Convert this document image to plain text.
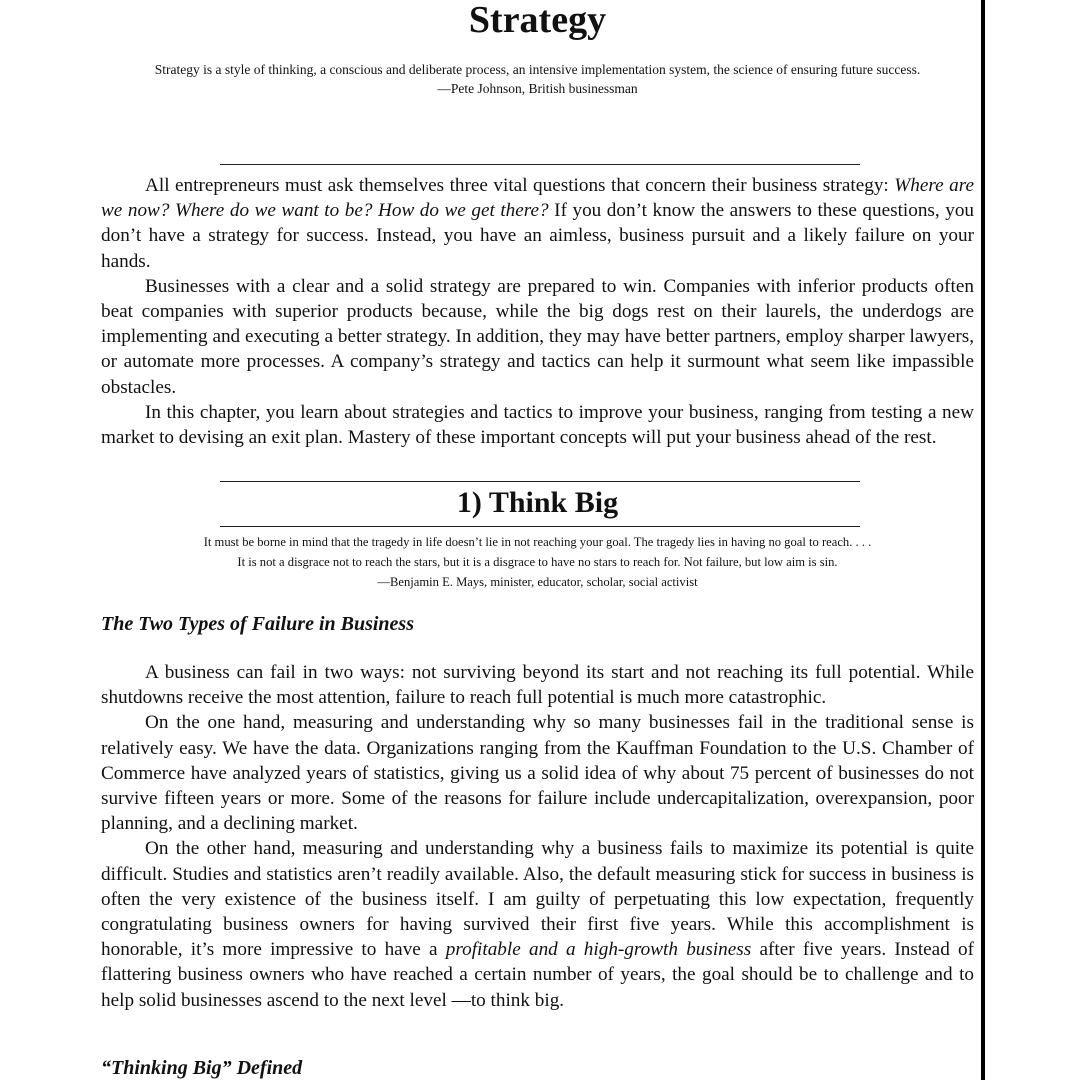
Strategy

Strategy is a style of thinking, a conscious and deliberate process, an intensive implementation system, the science of ensuring future success.

—Pete Johnson, British businessman

All entrepreneurs must ask themselves three vital questions that concern their business strategy: Where are we now? Where do we want to be? How do we get there? If you don’t know the answers to these questions, you don’t have a strategy for success. Instead, you have an aimless, business pursuit and a likely failure on your hands.

Businesses with a clear and a solid strategy are prepared to win. Companies with inferior products often beat companies with superior products because, while the big dogs rest on their laurels, the underdogs are implementing and executing a better strategy. In addition, they may have better partners, employ sharper lawyers, or automate more processes. A company’s strategy and tactics can help it surmount what seem like impassible obstacles.

In this chapter, you learn about strategies and tactics to improve your business, ranging from testing a new market to devising an exit plan. Mastery of these important concepts will put your business ahead of the rest.

1) Think Big

It must be borne in mind that the tragedy in life doesn’t lie in not reaching your goal. The tragedy lies in having no goal to reach. . . .

It is not a disgrace not to reach the stars, but it is a disgrace to have no stars to reach for. Not failure, but low aim is sin.

—Benjamin E. Mays, minister, educator, scholar, social activist

The Two Types of Failure in Business

A business can fail in two ways: not surviving beyond its start and not reaching its full potential. While shutdowns receive the most attention, failure to reach full potential is much more catastrophic.

On the one hand, measuring and understanding why so many businesses fail in the traditional sense is relatively easy. We have the data. Organizations ranging from the Kauffman Foundation to the U.S. Chamber of Commerce have analyzed years of statistics, giving us a solid idea of why about 75 percent of businesses do not survive fifteen years or more. Some of the reasons for failure include undercapitalization, overexpansion, poor planning, and a declining market.

On the other hand, measuring and understanding why a business fails to maximize its potential is quite difficult. Studies and statistics aren’t readily available. Also, the default measuring stick for success in business is often the very existence of the business itself. I am guilty of perpetuating this low expectation, frequently congratulating business owners for having survived their first five years. While this accomplishment is honorable, it’s more impressive to have a profitable and a high-growth business after five years. Instead of flattering business owners who have reached a certain number of years, the goal should be to challenge and to help solid businesses ascend to the next level —to think big.

“Thinking Big” Defined
